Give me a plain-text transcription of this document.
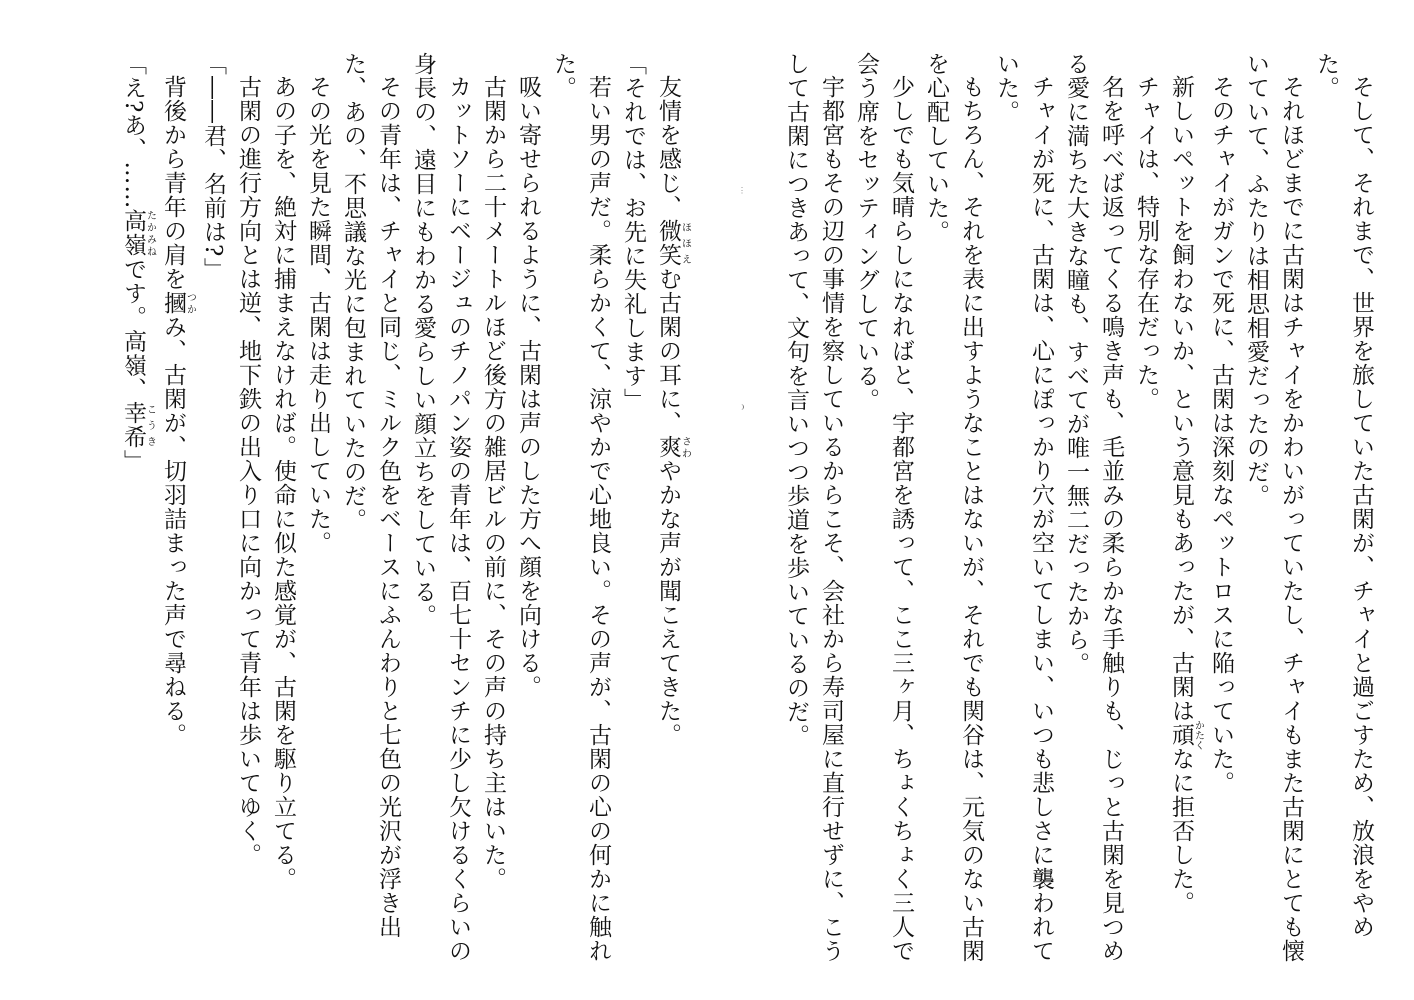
そして、それまで、世界を旅していた古閑が、チャイと過ごすため、放浪をやめた。

それほどまでに古閑はチャイをかわいがっていたし、チャイもまた古閑にとても懐いていて、ふたりは相思相愛だったのだ。

そのチャイがガンで死に、古閑は深刻なペットロスに陥っていた。

新しいペットを飼わないか、という意見もあったが、古閑は頑かたくなに拒否した。

チャイは、特別な存在だった。

名を呼べば返ってくる鳴き声も、毛並みの柔らかな手触りも、じっと古閑を見つめる愛に満ちた大きな瞳も、すべてが唯一無二だったから。

チャイが死に、古閑は、心にぽっかり穴が空いてしまい、いつも悲しさに襲われていた。

もちろん、それを表に出すようなことはないが、それでも関谷は、元気のない古閑を心配していた。

少しでも気晴らしになればと、宇都宮を誘って、ここ三ヶ月、ちょくちょく三人で会う席をセッティングしている。

宇都宮もその辺の事情を察しているからこそ、会社から寿司屋に直行せずに、こうして古閑につきあって、文句を言いつつ歩道を歩いているのだ。

⋮

友情を感じ、微笑ほほえむ古閑の耳に、爽さわやかな声が聞こえてきた。

「それでは、お先に失礼します」

若い男の声だ。柔らかくて、涼やかで心地良い。その声が、古閑の心の何かに触れた。

吸い寄せられるように、古閑は声のした方へ顔を向ける。

古閑から二十メートルほど後方の雑居ビルの前に、その声の持ち主はいた。

カットソーにベージュのチノパン姿の青年は、百七十センチに少し欠けるくらいの身長の、遠目にもわかる愛らしい顔立ちをしている。

その青年は、チャイと同じ、ミルク色をベースにふんわりと七色の光沢が浮き出た、あの、不思議な光に包まれていたのだ。

その光を見た瞬間、古閑は走り出していた。

あの子を、絶対に捕まえなければ。使命に似た感覚が、古閑を駆り立てる。

古閑の進行方向とは逆、地下鉄の出入り口に向かって青年は歩いてゆく。

「――君、名前は?」

背後から青年の肩を摑つかみ、古閑が、切羽詰まった声で尋ねる。

「え?あ、……高嶺たかみねです。高嶺、幸希こうき」
